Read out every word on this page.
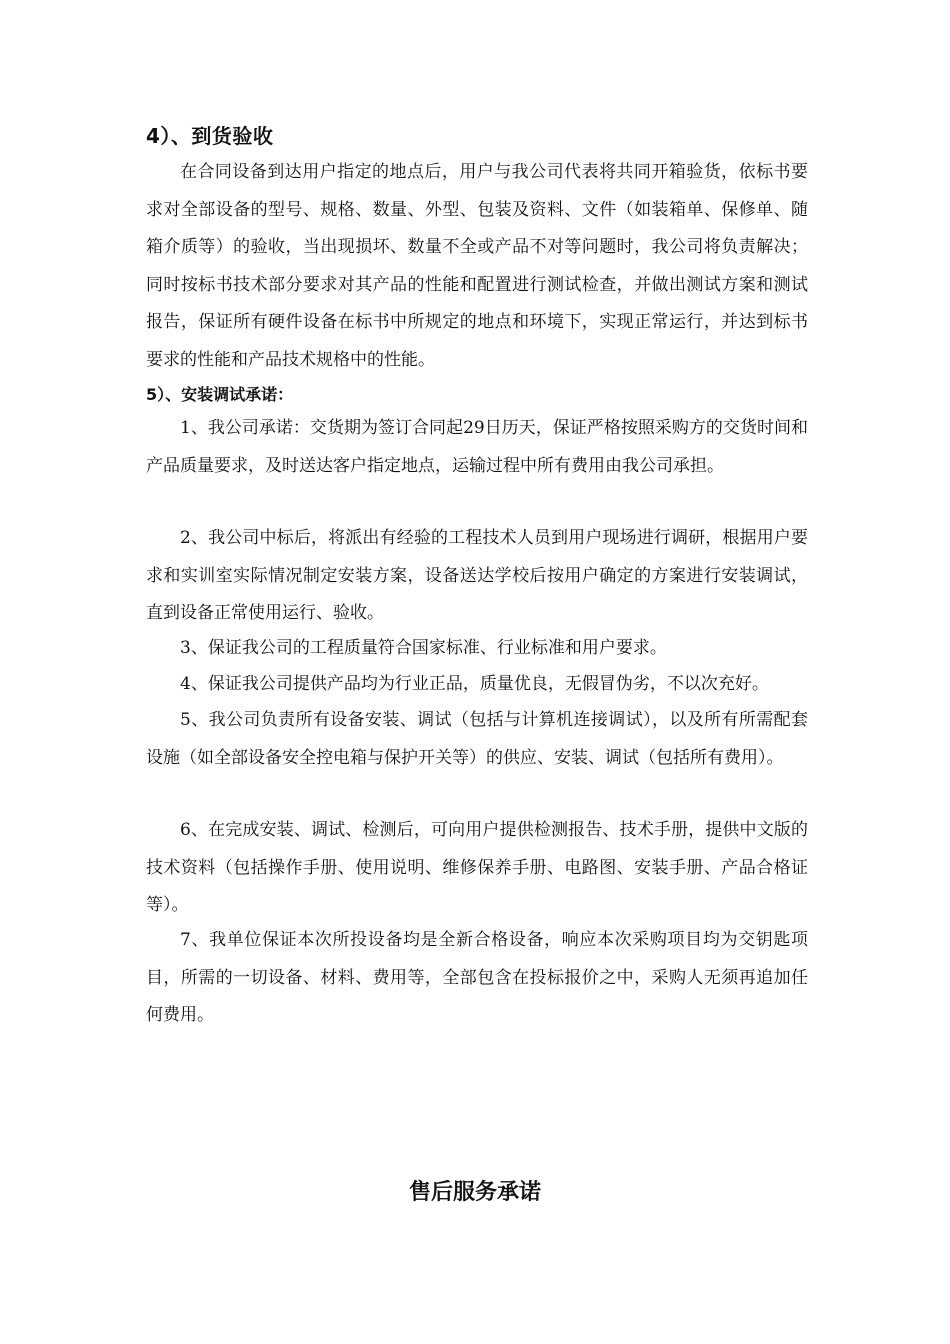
4）、到货验收
在合同设备到达用户指定的地点后，用户与我公司代表将共同开箱验货，依标书要求对全部设备的型号、规格、数量、外型、包装及资料、文件（如装箱单、保修单、随箱介质等）的验收，当出现损坏、数量不全或产品不对等问题时，我公司将负责解决；同时按标书技术部分要求对其产品的性能和配置进行测试检查，并做出测试方案和测试报告，保证所有硬件设备在标书中所规定的地点和环境下，实现正常运行，并达到标书要求的性能和产品技术规格中的性能。
5）、安装调试承诺：
1、我公司承诺：交货期为签订合同起29日历天，保证严格按照采购方的交货时间和产品质量要求，及时送达客户指定地点，运输过程中所有费用由我公司承担。
2、我公司中标后，将派出有经验的工程技术人员到用户现场进行调研，根据用户要求和实训室实际情况制定安装方案，设备送达学校后按用户确定的方案进行安装调试，直到设备正常使用运行、验收。
3、保证我公司的工程质量符合国家标准、行业标准和用户要求。
4、保证我公司提供产品均为行业正品，质量优良，无假冒伪劣，不以次充好。
5、我公司负责所有设备安装、调试（包括与计算机连接调试），以及所有所需配套设施（如全部设备安全控电箱与保护开关等）的供应、安装、调试（包括所有费用）。
6、在完成安装、调试、检测后，可向用户提供检测报告、技术手册，提供中文版的技术资料（包括操作手册、使用说明、维修保养手册、电路图、安装手册、产品合格证等）。
7、我单位保证本次所投设备均是全新合格设备，响应本次采购项目均为交钥匙项目，所需的一切设备、材料、费用等，全部包含在投标报价之中，采购人无须再追加任何费用。
售后服务承诺
